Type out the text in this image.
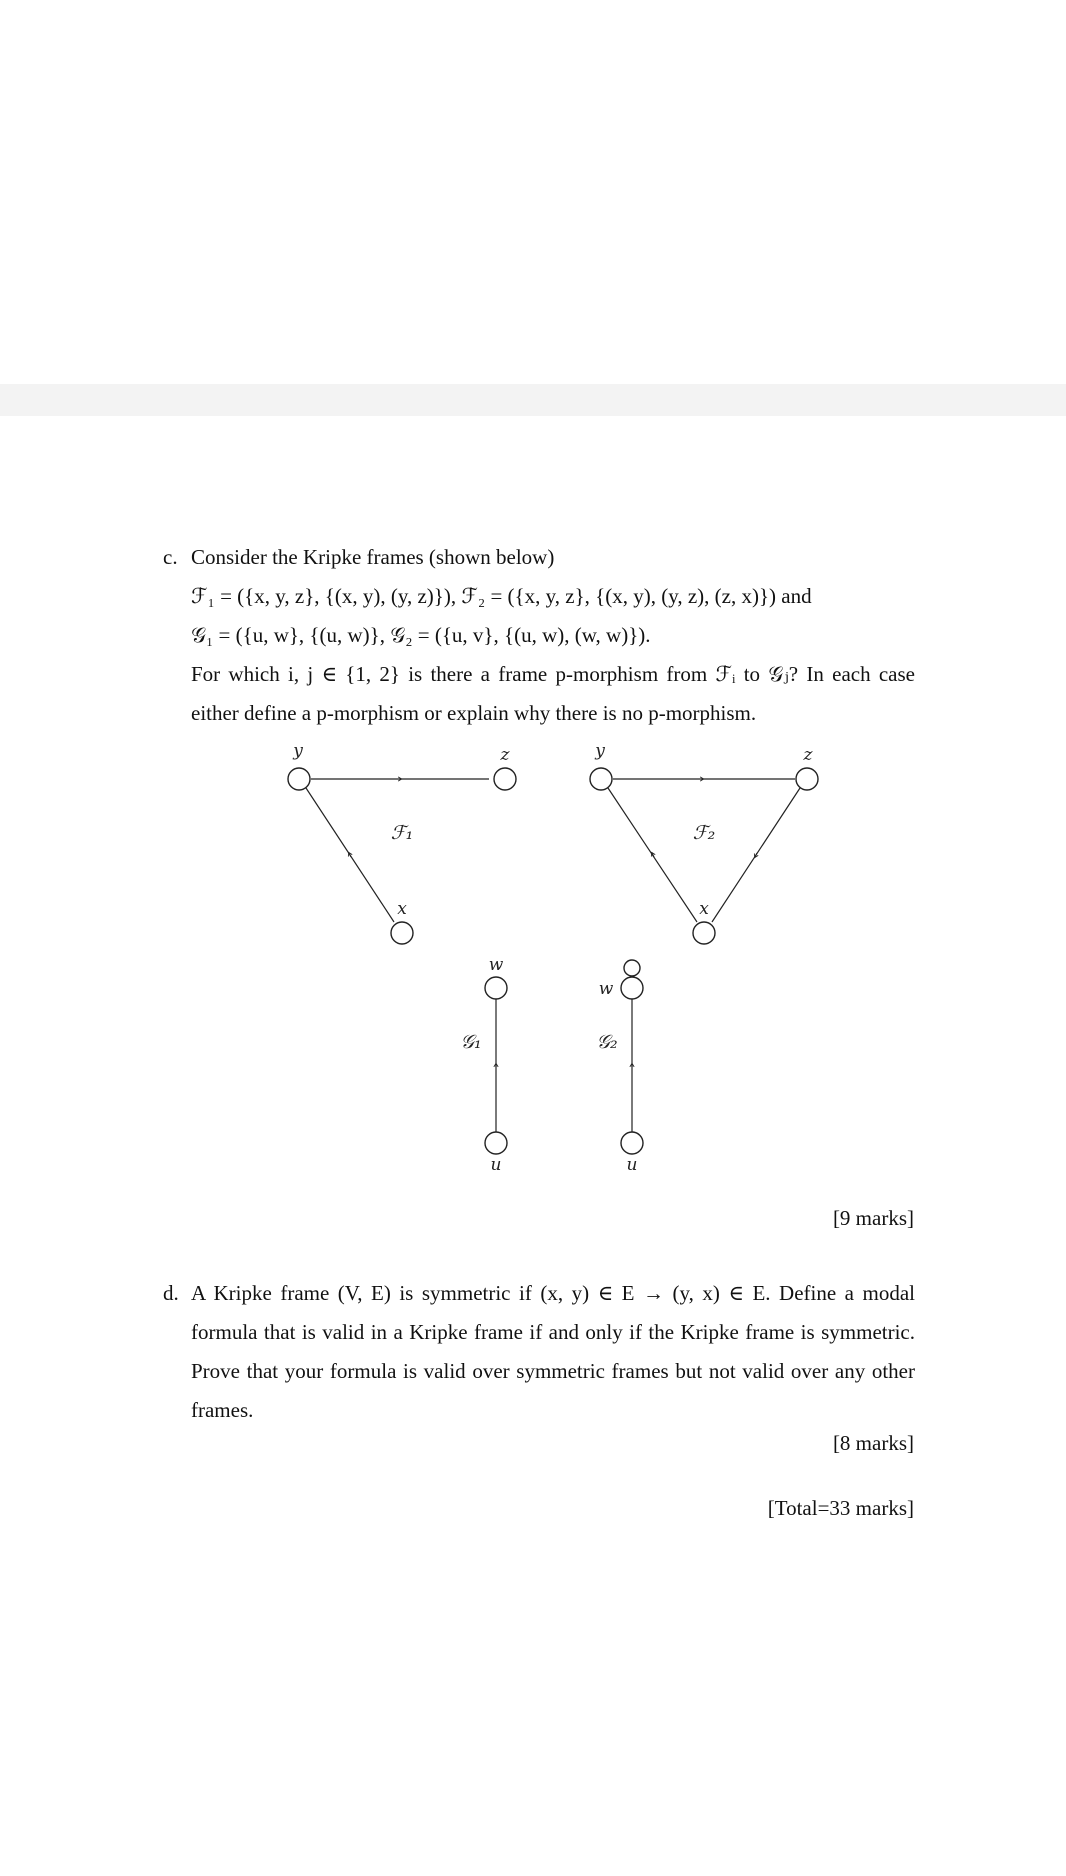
c. Consider the Kripke frames (shown below)
ℱ₁ = ({x, y, z}, {(x, y), (y, z)}), ℱ₂ = ({x, y, z}, {(x, y), (y, z), (z, x)}) and
𝒢₁ = ({u, w}, {(u, w)}, 𝒢₂ = ({u, v}, {(u, w), (w, w)}).
For which i, j ∈ {1, 2} is there a frame p-morphism from ℱᵢ to 𝒢ⱼ? In each case
either define a p-morphism or explain why there is no p-morphism.
y	z
x
ℱ₁
y	z
x
ℱ₂
w
u
𝒢₁
w
u
𝒢₂
[9 marks]
d. A Kripke frame (V, E) is symmetric if (x, y) ∈ E → (y, x) ∈ E. Define a modal
formula that is valid in a Kripke frame if and only if the Kripke frame is symmetric.
Prove that your formula is valid over symmetric frames but not valid over any other
frames.
[8 marks]
[Total=33 marks]
